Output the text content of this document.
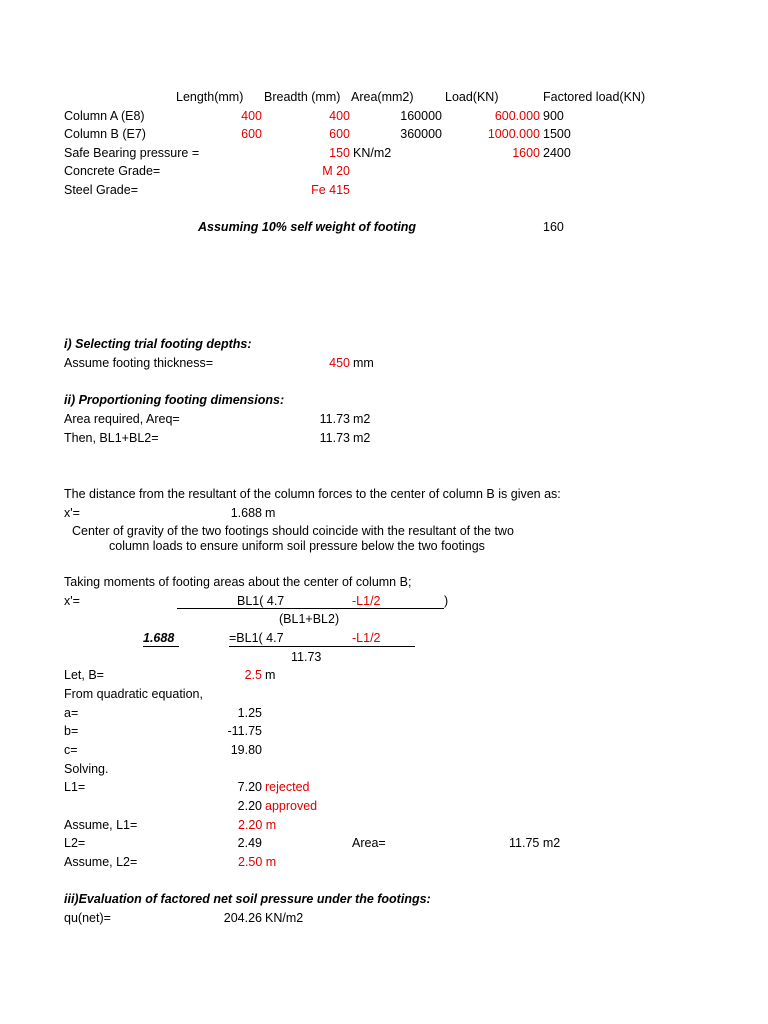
Length(mm) Breadth (mm) Area(mm2)	Load(KN)	Factored load(KN)
Column A (E8)	400	400	160000	600.000 900
Column B (E7)	600	600	360000	1000.000 1500
Safe Bearing pressure =	150 KN/m2	1600 2400
Concrete Grade=	M 20
Steel Grade=	Fe 415
Assuming 10% self weight of footing	160
i) Selecting trial footing depths:
Assume footing thickness=	450 mm
ii) Proportioning footing dimensions:
Area required, Areq=	11.73 m2
Then, BL1+BL2=	11.73 m2
The distance from the resultant of the column forces to the center of column B is given as:
x'=	1.688 m
Center of gravity of the two footings should coincide with the resultant of the two
column loads to ensure uniform soil pressure below the two footings
Taking moments of footing areas about the center of column B;
x'=	BL1( 4.7	-L1/2	)
(BL1+BL2)
1.688	=BL1( 4.7	-L1/2
11.73
Let, B=	2.5 m
From quadratic equation,
a=	1.25
b=	-11.75
c=	19.80
Solving.
L1=	7.20 rejected
2.20 approved
Assume, L1=	2.20 m
L2=	2.49	Area=	11.75 m2
Assume, L2=	2.50 m
iii)Evaluation of factored net soil pressure under the footings:
qu(net)=	204.26 KN/m2
